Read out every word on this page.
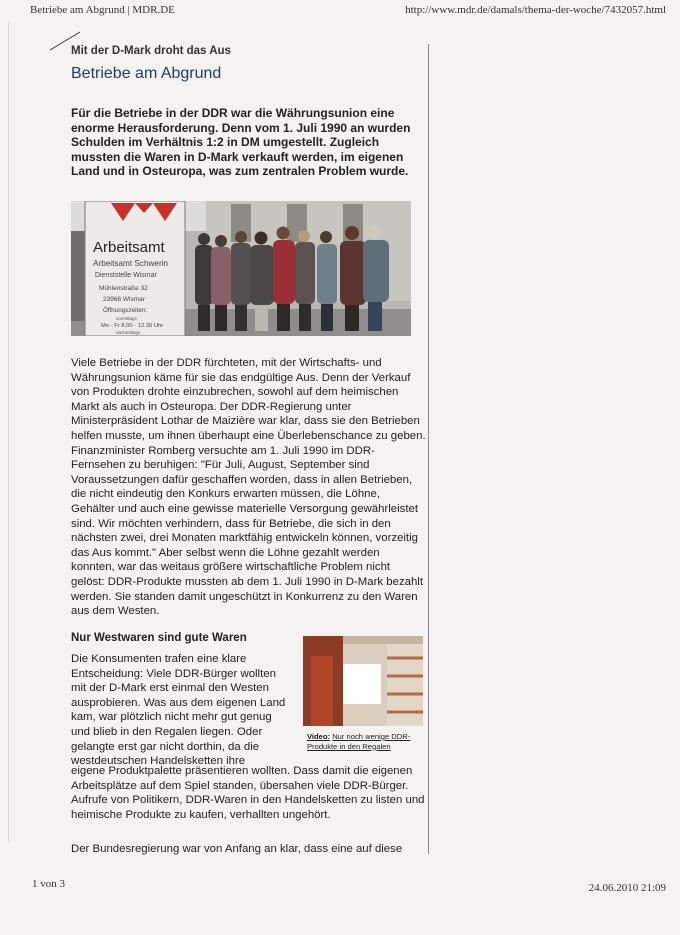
Betriebe am Abgrund | MDR.DE	http://www.mdr.de/damals/thema-der-woche/7432057.html

Mit der D-Mark droht das Aus

Betriebe am Abgrund

Für die Betriebe in der DDR war die Währungsunion eine enorme Herausforderung. Denn vom 1. Juli 1990 an wurden Schulden im Verhältnis 1:2 in DM umgestellt. Zugleich mussten die Waren in D-Mark verkauft werden, im eigenen Land und in Osteuropa, was zum zentralen Problem wurde.

Arbeitsamt
Arbeitsamt Schwerin
Dienststelle Wismar
Mühlenstraße 32
23966 Wismar
Öffnungszeiten:
vormittags
Mo - Fr 8.00 - 12.30 Uhr
nachmittags

Viele Betriebe in der DDR fürchteten, mit der Wirtschafts- und Währungsunion käme für sie das endgültige Aus. Denn der Verkauf von Produkten drohte einzubrechen, sowohl auf dem heimischen Markt als auch in Osteuropa. Der DDR-Regierung unter Ministerpräsident Lothar de Maizière war klar, dass sie den Betrieben helfen musste, um ihnen überhaupt eine Überlebenschance zu geben. Finanzminister Romberg versuchte am 1. Juli 1990 im DDR-Fernsehen zu beruhigen: "Für Juli, August, September sind Voraussetzungen dafür geschaffen worden, dass in allen Betrieben, die nicht eindeutig den Konkurs erwarten müssen, die Löhne, Gehälter und auch eine gewisse materielle Versorgung gewährleistet sind. Wir möchten verhindern, dass für Betriebe, die sich in den nächsten zwei, drei Monaten marktfähig entwickeln können, vorzeitig das Aus kommt." Aber selbst wenn die Löhne gezahlt werden konnten, war das weitaus größere wirtschaftliche Problem nicht gelöst: DDR-Produkte mussten ab dem 1. Juli 1990 in D-Mark bezahlt werden. Sie standen damit ungeschützt in Konkurrenz zu den Waren aus dem Westen.

Nur Westwaren sind gute Waren

Die Konsumenten trafen eine klare Entscheidung: Viele DDR-Bürger wollten mit der D-Mark erst einmal den Westen ausprobieren. Was aus dem eigenen Land kam, war plötzlich nicht mehr gut genug und blieb in den Regalen liegen. Oder gelangte erst gar nicht dorthin, da die westdeutschen Handelsketten ihre

Video: Nur noch wenige DDR-Produkte in den Regalen

eigene Produktpalette präsentieren wollten. Dass damit die eigenen Arbeitsplätze auf dem Spiel standen, übersahen viele DDR-Bürger. Aufrufe von Politikern, DDR-Waren in den Handelsketten zu listen und heimische Produkte zu kaufen, verhallten ungehört.

Der Bundesregierung war von Anfang an klar, dass eine auf diese

1 von 3	24.06.2010 21:09
